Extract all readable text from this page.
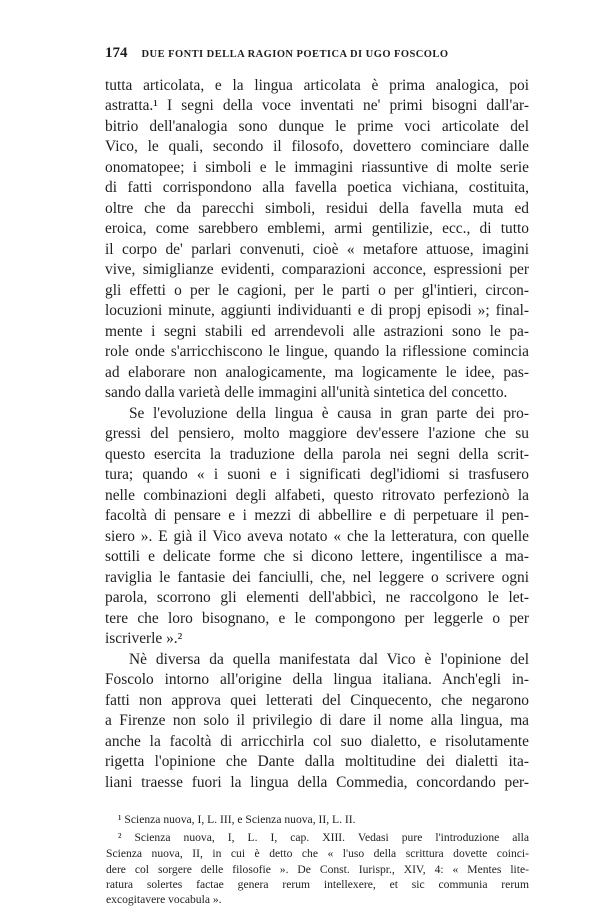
174 DUE FONTI DELLA RAGION POETICA DI UGO FOSCOLO
tutta articolata, e la lingua articolata è prima analogica, poi
astratta.¹ I segni della voce inventati ne' primi bisogni dall'ar-
bitrio dell'analogia sono dunque le prime voci articolate del
Vico, le quali, secondo il filosofo, dovettero cominciare dalle
onomatopee; i simboli e le immagini riassuntive di molte serie
di fatti corrispondono alla favella poetica vichiana, costituita,
oltre che da parecchi simboli, residui della favella muta ed
eroica, come sarebbero emblemi, armi gentilizie, ecc., di tutto
il corpo de' parlari convenuti, cioè « metafore attuose, imagini
vive, simiglianze evidenti, comparazioni acconce, espressioni per
gli effetti o per le cagioni, per le parti o per gl'intieri, circon-
locuzioni minute, aggiunti individuanti e di propj episodi »; final-
mente i segni stabili ed arrendevoli alle astrazioni sono le pa-
role onde s'arricchiscono le lingue, quando la riflessione comincia
ad elaborare non analogicamente, ma logicamente le idee, pas-
sando dalla varietà delle immagini all'unità sintetica del concetto.
Se l'evoluzione della lingua è causa in gran parte dei pro-
gressi del pensiero, molto maggiore dev'essere l'azione che su
questo esercita la traduzione della parola nei segni della scrit-
tura; quando « i suoni e i significati degl'idiomi si trasfusero
nelle combinazioni degli alfabeti, questo ritrovato perfezionò la
facoltà di pensare e i mezzi di abbellire e di perpetuare il pen-
siero ». E già il Vico aveva notato « che la letteratura, con quelle
sottili e delicate forme che si dicono lettere, ingentilisce a ma-
raviglia le fantasie dei fanciulli, che, nel leggere o scrivere ogni
parola, scorrono gli elementi dell'abbicì, ne raccolgono le let-
tere che loro bisognano, e le compongono per leggerle o per
iscriverle ».²
Nè diversa da quella manifestata dal Vico è l'opinione del
Foscolo intorno all'origine della lingua italiana. Anch'egli in-
fatti non approva quei letterati del Cinquecento, che negarono
a Firenze non solo il privilegio di dare il nome alla lingua, ma
anche la facoltà di arricchirla col suo dialetto, e risolutamente
rigetta l'opinione che Dante dalla moltitudine dei dialetti ita-
liani traesse fuori la lingua della Commedia, concordando per-
¹ Scienza nuova, I, L. III, e Scienza nuova, II, L. II.
² Scienza nuova, I, L. I, cap. XIII. Vedasi pure l'introduzione alla
Scienza nuova, II, in cui è detto che « l'uso della scrittura dovette coinci-
dere col sorgere delle filosofie ». De Const. Iurispr., XIV, 4: « Mentes lite-
ratura solertes factae genera rerum intellexere, et sic communia rerum
excogitavere vocabula ».
